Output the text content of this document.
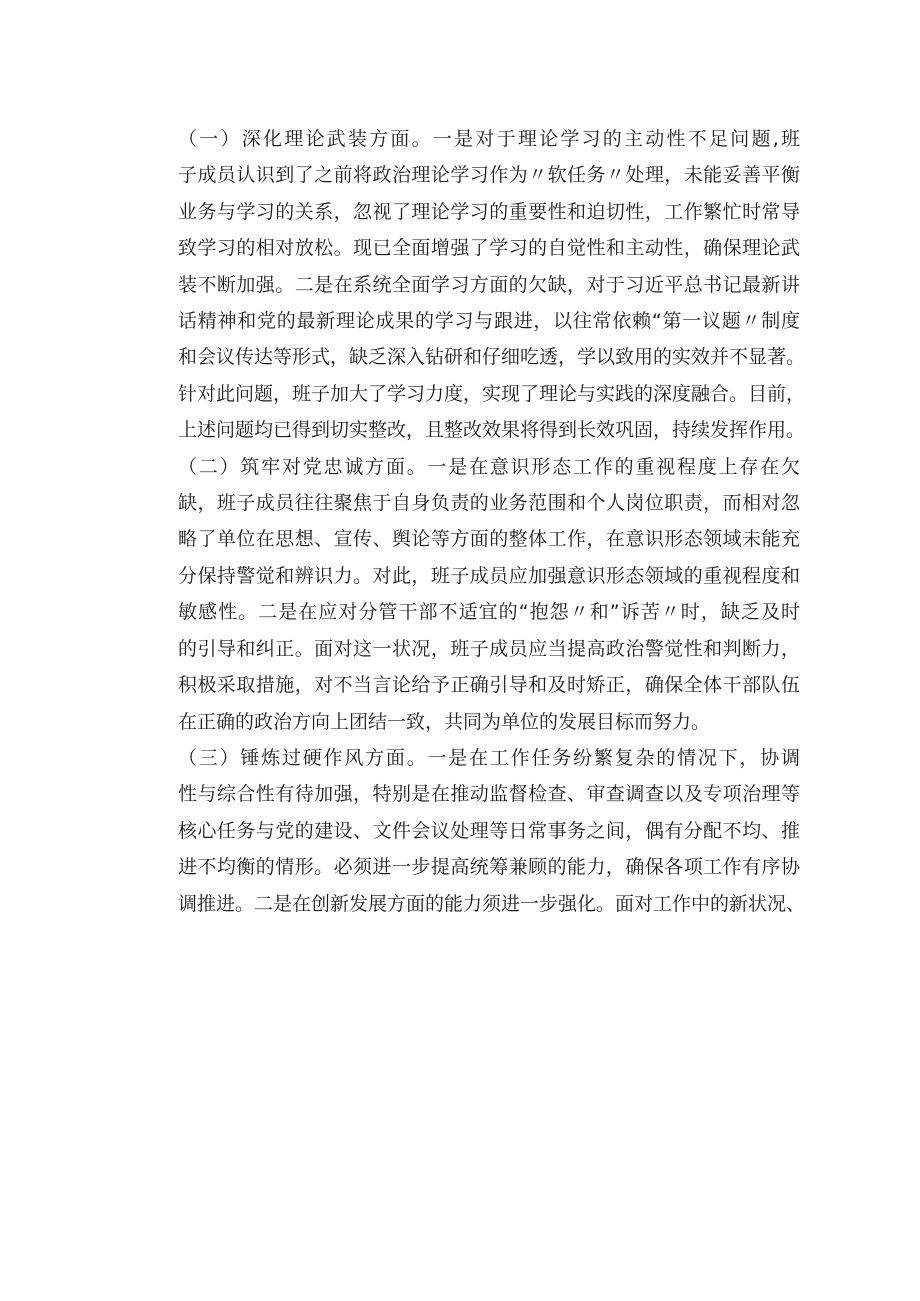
（一）深化理论武装方面。一是对于理论学习的主动性不足问题,班
子成员认识到了之前将政治理论学习作为〃软任务〃处理，未能妥善平衡
业务与学习的关系，忽视了理论学习的重要性和迫切性，工作繁忙时常导
致学习的相对放松。现已全面增强了学习的自觉性和主动性，确保理论武
装不断加强。二是在系统全面学习方面的欠缺，对于习近平总书记最新讲
话精神和党的最新理论成果的学习与跟进，以往常依赖“第一议题〃制度
和会议传达等形式，缺乏深入钻研和仔细吃透，学以致用的实效并不显著。
针对此问题，班子加大了学习力度，实现了理论与实践的深度融合。目前，
上述问题均已得到切实整改，且整改效果将得到长效巩固，持续发挥作用。
（二）筑牢对党忠诚方面。一是在意识形态工作的重视程度上存在欠
缺，班子成员往往聚焦于自身负责的业务范围和个人岗位职责，而相对忽
略了单位在思想、宣传、舆论等方面的整体工作，在意识形态领域未能充
分保持警觉和辨识力。对此，班子成员应加强意识形态领域的重视程度和
敏感性。二是在应对分管干部不适宜的“抱怨〃和”诉苦〃时，缺乏及时
的引导和纠正。面对这一状况，班子成员应当提高政治警觉性和判断力，
积极采取措施，对不当言论给予正确引导和及时矫正，确保全体干部队伍
在正确的政治方向上团结一致，共同为单位的发展目标而努力。
（三）锤炼过硬作风方面。一是在工作任务纷繁复杂的情况下，协调
性与综合性有待加强，特别是在推动监督检查、审查调查以及专项治理等
核心任务与党的建设、文件会议处理等日常事务之间，偶有分配不均、推
进不均衡的情形。必须进一步提高统筹兼顾的能力，确保各项工作有序协
调推进。二是在创新发展方面的能力须进一步强化。面对工作中的新状况、
